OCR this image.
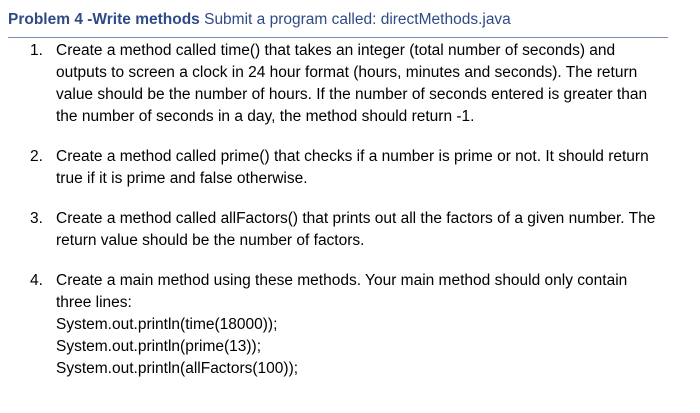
Problem 4 -Write methods Submit a program called: directMethods.java
1. Create a method called time() that takes an integer (total number of seconds) and
outputs to screen a clock in 24 hour format (hours, minutes and seconds). The return
value should be the number of hours. If the number of seconds entered is greater than
the number of seconds in a day, the method should return -1.
2. Create a method called prime() that checks if a number is prime or not. It should return
true if it is prime and false otherwise.
3. Create a method called allFactors() that prints out all the factors of a given number. The
return value should be the number of factors.
4. Create a main method using these methods. Your main method should only contain
three lines:
System.out.println(time(18000));
System.out.println(prime(13));
System.out.println(allFactors(100));
